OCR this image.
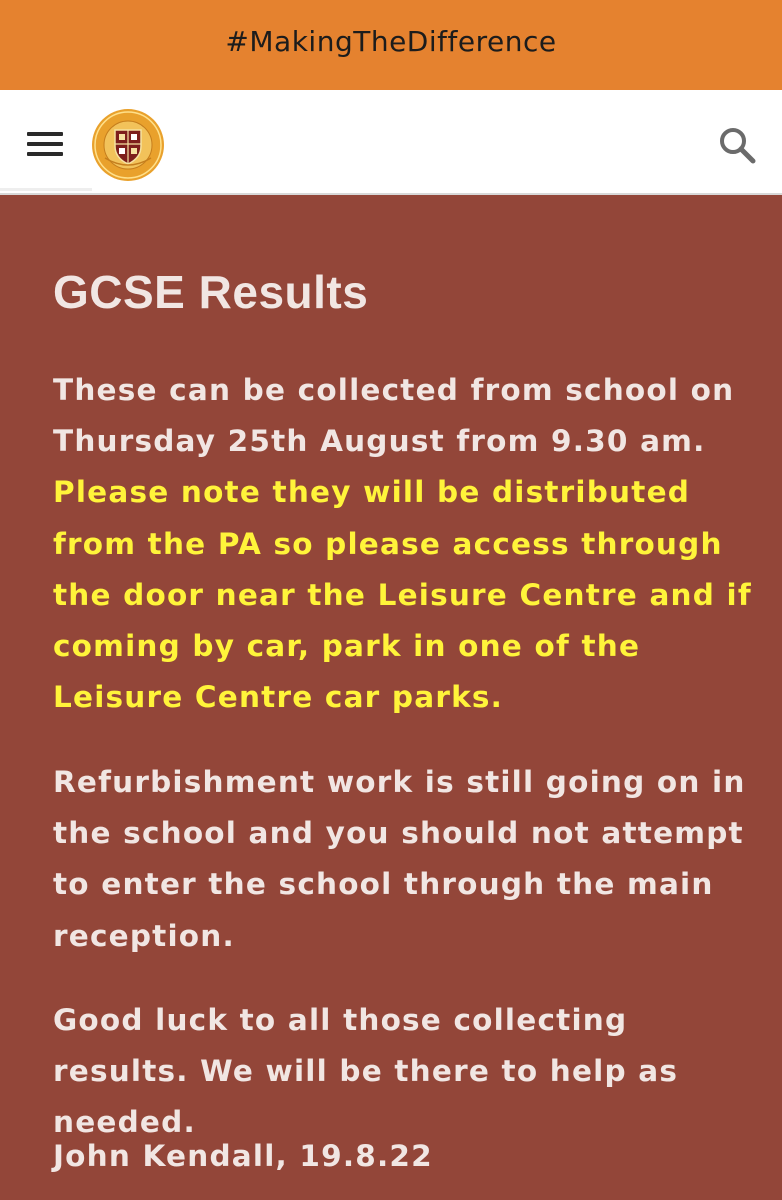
#MakingTheDifference
GCSE Results

These can be collected from school on Thursday 25th August from 9.30 am. Please note they will be distributed from the PA so please access through the door near the Leisure Centre and if coming by car, park in one of the Leisure Centre car parks.

Refurbishment work is still going on in the school and you should not attempt to enter the school through the main reception.

Good luck to all those collecting results. We will be there to help as needed.

John Kendall, 19.8.22
